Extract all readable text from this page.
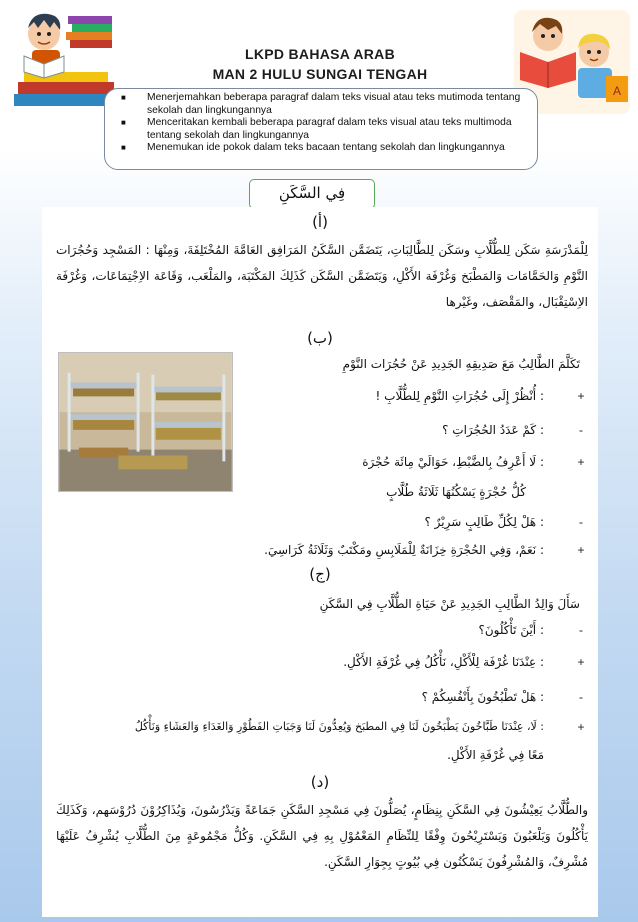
A
LKPD BAHASA ARAB
MAN 2 HULU SUNGAI TENGAH
■ Menerjemahkan beberapa paragraf dalam teks visual atau teks mutimoda tentang sekolah dan lingkungannya
■ Menceritakan kembali beberapa paragraf dalam teks visual atau teks multimoda tentang sekolah dan lingkungannya
■ Menemukan ide pokok dalam teks bacaan tentang sekolah dan lingkungannya
فِي السَّكَنِ
(أ)
لِلْمَدْرَسَةِ سَكَن لِلطُّلَّابِ وسَكَن لِلطَّالِبَاتِ، يَتَضَمَّن السَّكَنُ المَرَافِق العَامَّةَ المُخْتَلِفَةَ، وَمِنْهَا : المَسْجِد وَحُجُرَات النَّوْمِ وَالحَمَّامَات وَالمَطْبَخ وَغُرْفَة الأَكْلِ، وَيَتَضَمَّن السَّكَن كَذَلِكَ المَكْتَبَة، والمَلْعَب، وَقَاعَة الاِجْتِمَاعَات، وَغُرْفَة الاِسْتِقْبَال، والمَقْصَف، وغَيْرها
(ب)
تَكَلَّمَ الطَّالِبُ مَعَ صَدِيقِهِ الجَدِيدِ عَنْ حُجُرَات النَّوْمِ
+
: أُنْظُرْ إِلَى حُجُرَاتِ النَّوْمِ لِلطُّلَّابِ !
-
: كَمْ عَدَدُ الحُجُرَاتِ ؟
+
: لَا أَعْرِفُ بِالضَّبْطِ، حَوَالَيْ مِائَة حُجْرَة
كُلُّ حُجْرَةٍ يَسْكُنُهَا ثَلَاثَةُ طُلَّابٍ
-
: هَلْ لِكُلِّ طَالِبٍ سَرِيْرٌ ؟
+
: نَعَمْ، وَفِي الحُجْرَةِ خِزَانَةٌ لِلْمَلَابِسِ ومَكْتَبٌ وَثَلَاثَةُ كَرَاسِيَ.
(ج)
سَأَلَ وَالِدُ الطَّالِبِ الجَدِيدِ عَنْ حَيَاةِ الطُّلَّابِ فِي السَّكَنِ
-
: أَيْنَ تَأْكُلُونَ؟
+
: عِنْدَنَا غُرْفَة لِلْأَكْلِ، نَأْكُلُ فِي غُرْفَةِ الأَكْلِ.
-
: هَلْ تَطْبُخُونَ بِأَنْفُسِكُمْ ؟
+
: لَا، عِنْدَنَا طَبَّاخُونَ يَطْبَخُونَ لَنَا فِي المطبَخ وَيُعِدُّونَ لَنَا وَجَبَاتِ الفَطُوْرِ وَالغَدَاءِ وَالعَشَاءِ وَنَأْكُلُ
مَعًا فِي غُرْفَةِ الأَكْلِ.
(د)
والطُّلَّابُ يَعِيْشُونَ فِي السَّكَنِ بِنِظَامٍ، يُصَلُّونَ فِي مَسْجِدِ السَّكَنِ جَمَاعَةً وَيَدْرُسُونَ، وَيُذَاكِرُوْنَ دُرُوْسَهم، وَكَذَلِكَ يَأْكُلُونَ وَيَلْعَبُونَ وَيَسْتَرِيْحُونَ وِفْقًا لِلنِّظَامِ المَعْمُوْلِ بِهِ فِي السَّكَنِ. وَكُلُّ مَجْمُوعَةٍ مِنَ الطُّلَّابِ يُشْرِفُ عَلَيْهَا مُشْرِفٌ، وَالمُشْرِفُونَ يَسْكُنُون فِي بُيُوتٍ بِجِوَارِ السَّكَنِ.
